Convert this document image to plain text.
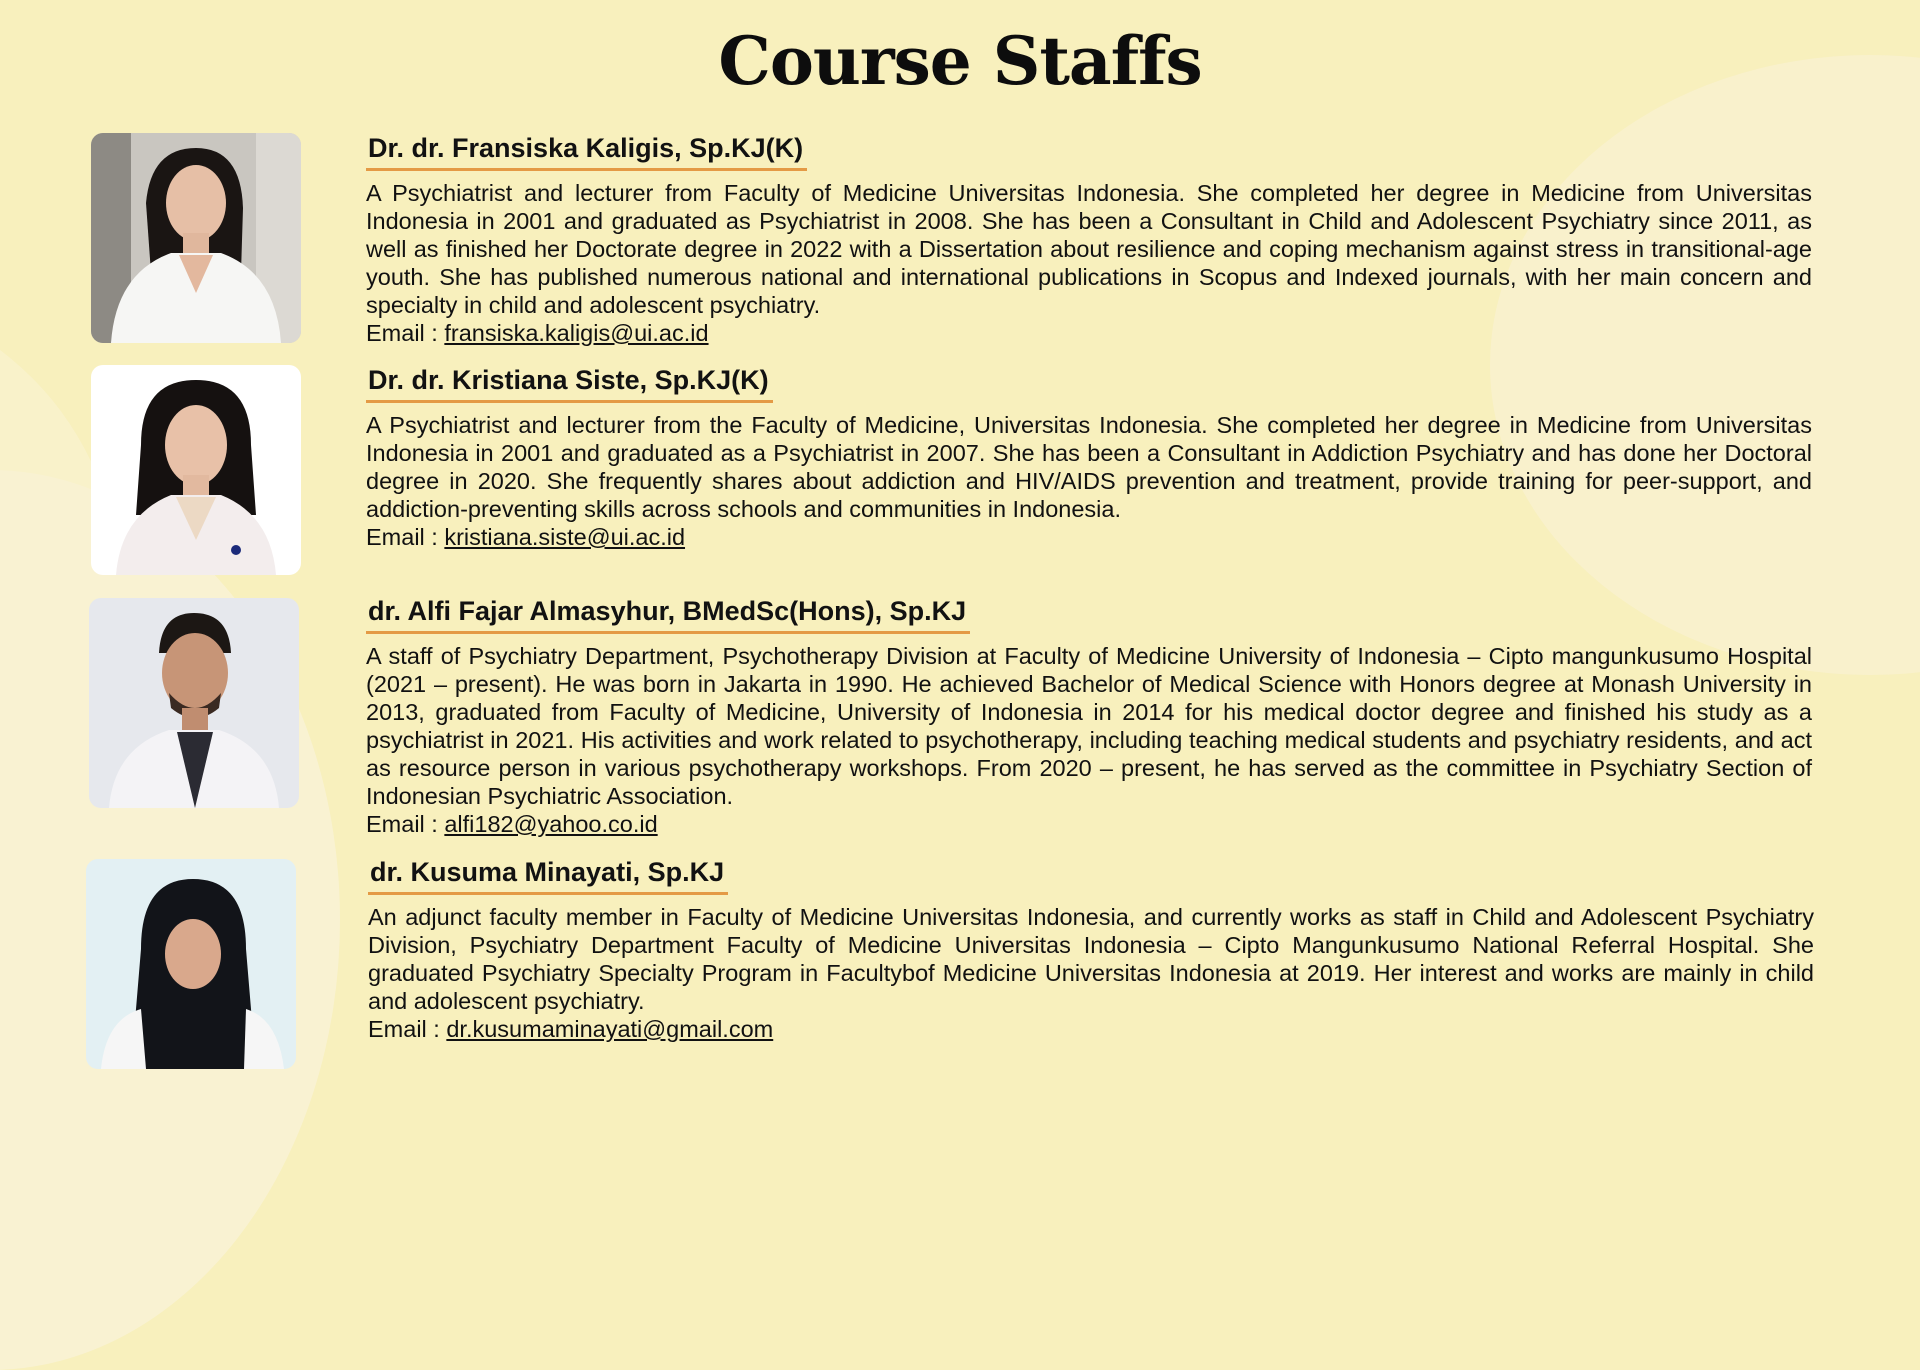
Course Staffs
Dr. dr. Fransiska Kaligis, Sp.KJ(K)

A Psychiatrist and lecturer from Faculty of Medicine Universitas Indonesia. She completed her degree in Medicine from Universitas Indonesia in 2001 and graduated as Psychiatrist in 2008. She has been a Consultant in Child and Adolescent Psychiatry since 2011, as well as finished her Doctorate degree in 2022 with a Dissertation about resilience and coping mechanism against stress in transitional-age youth. She has published numerous national and international publications in Scopus and Indexed journals, with her main concern and specialty in child and adolescent psychiatry.

Email : fransiska.kaligis@ui.ac.id
Dr. dr. Kristiana Siste, Sp.KJ(K)

A Psychiatrist and lecturer from the Faculty of Medicine, Universitas Indonesia. She completed her degree in Medicine from Universitas Indonesia in 2001 and graduated as a Psychiatrist in 2007. She has been a Consultant in Addiction Psychiatry and has done her Doctoral degree in 2020. She frequently shares about addiction and HIV/AIDS prevention and treatment, provide training for peer-support, and addiction-preventing skills across schools and communities in Indonesia.

Email : kristiana.siste@ui.ac.id
dr. Alfi Fajar Almasyhur, BMedSc(Hons), Sp.KJ

A staff of Psychiatry Department, Psychotherapy Division at Faculty of Medicine University of Indonesia – Cipto mangunkusumo Hospital (2021 – present). He was born in Jakarta in 1990. He achieved Bachelor of Medical Science with Honors degree at Monash University in 2013, graduated from Faculty of Medicine, University of Indonesia in 2014 for his medical doctor degree and finished his study as a psychiatrist in 2021. His activities and work related to psychotherapy, including teaching medical students and psychiatry residents, and act as resource person in various psychotherapy workshops. From 2020 – present, he has served as the committee in Psychiatry Section of Indonesian Psychiatric Association.

Email : alfi182@yahoo.co.id
dr. Kusuma Minayati, Sp.KJ

An adjunct faculty member in Faculty of Medicine Universitas Indonesia, and currently works as staff in Child and Adolescent Psychiatry Division, Psychiatry Department Faculty of Medicine Universitas Indonesia – Cipto Mangunkusumo National Referral Hospital. She graduated Psychiatry Specialty Program in Facultybof Medicine Universitas Indonesia at 2019. Her interest and works are mainly in child and adolescent psychiatry.

Email : dr.kusumaminayati@gmail.com
